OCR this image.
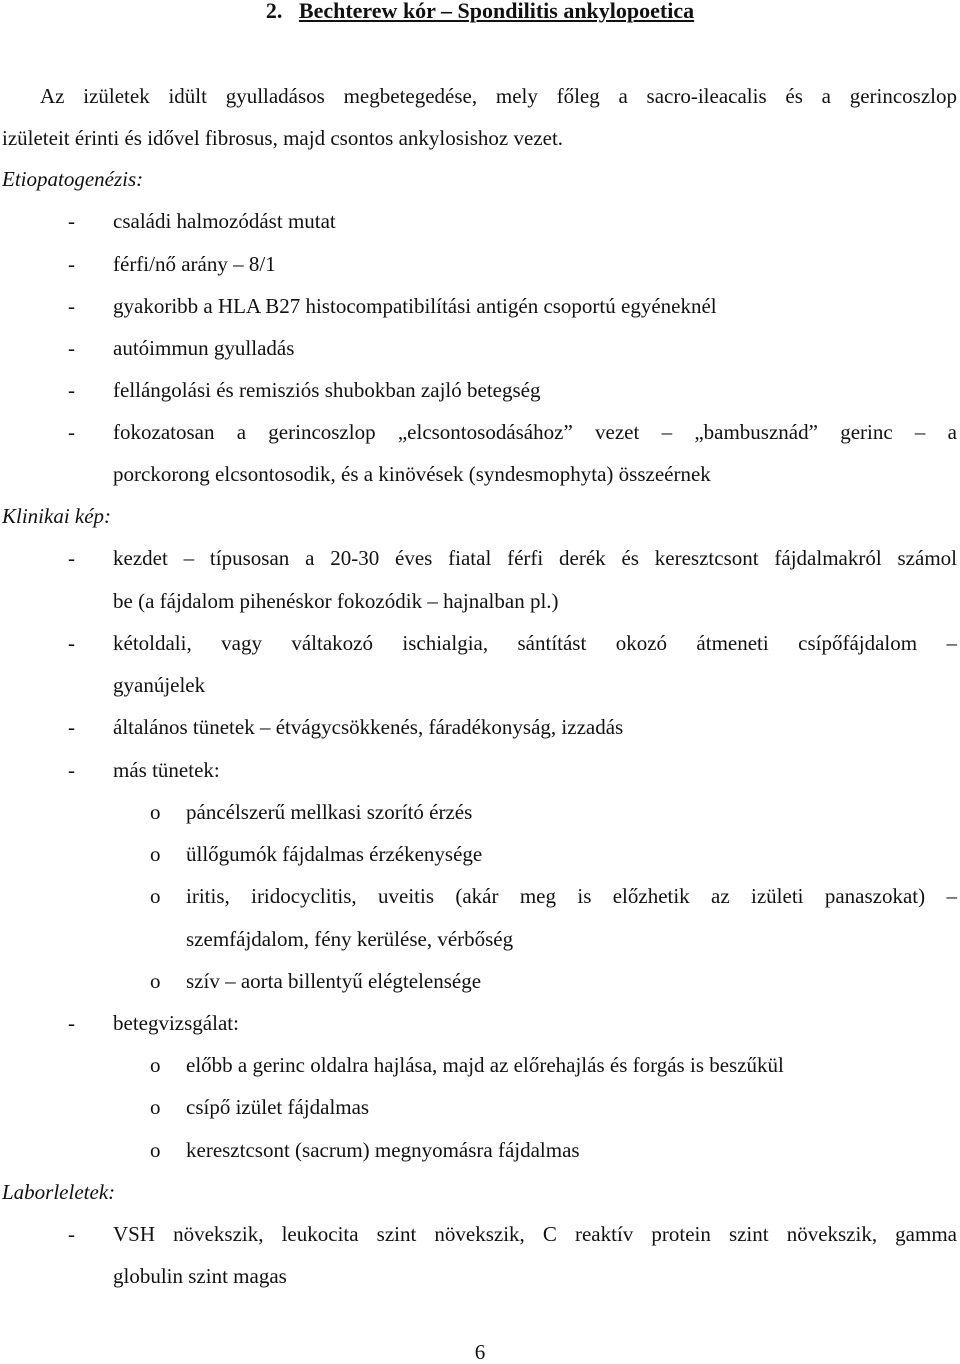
2. Bechterew kór – Spondilitis ankylopoetica
Az izületek idült gyulladásos megbetegedése, mely főleg a sacro-ileacalis és a gerincoszlop
izületeit érinti és idővel fibrosus, majd csontos ankylosishoz vezet.
Etiopatogenézis:
- családi halmozódást mutat
- férfi/nő arány – 8/1
- gyakoribb a HLA B27 histocompatibilítási antigén csoportú egyéneknél
- autóimmun gyulladás
- fellángolási és remisziós shubokban zajló betegség
- fokozatosan a gerincoszlop „elcsontosodásához” vezet – „bambusznád” gerinc – a
porckorong elcsontosodik, és a kinövések (syndesmophyta) összeérnek
Klinikai kép:
- kezdet – típusosan a 20-30 éves fiatal férfi derék és keresztcsont fájdalmakról számol
be (a fájdalom pihenéskor fokozódik – hajnalban pl.)
- kétoldali, vagy váltakozó ischialgia, sántítást okozó átmeneti csípőfájdalom –
gyanújelek
- általános tünetek – étvágycsökkenés, fáradékonyság, izzadás
- más tünetek:
o páncélszerű mellkasi szorító érzés
o üllőgumók fájdalmas érzékenysége
o iritis, iridocyclitis, uveitis (akár meg is előzhetik az izületi panaszokat) –
szemfájdalom, fény kerülése, vérbőség
o szív – aorta billentyű elégtelensége
- betegvizsgálat:
o előbb a gerinc oldalra hajlása, majd az előrehajlás és forgás is beszűkül
o csípő izület fájdalmas
o keresztcsont (sacrum) megnyomásra fájdalmas
Laborleletek:
- VSH növekszik, leukocita szint növekszik, C reaktív protein szint növekszik, gamma
globulin szint magas
6
